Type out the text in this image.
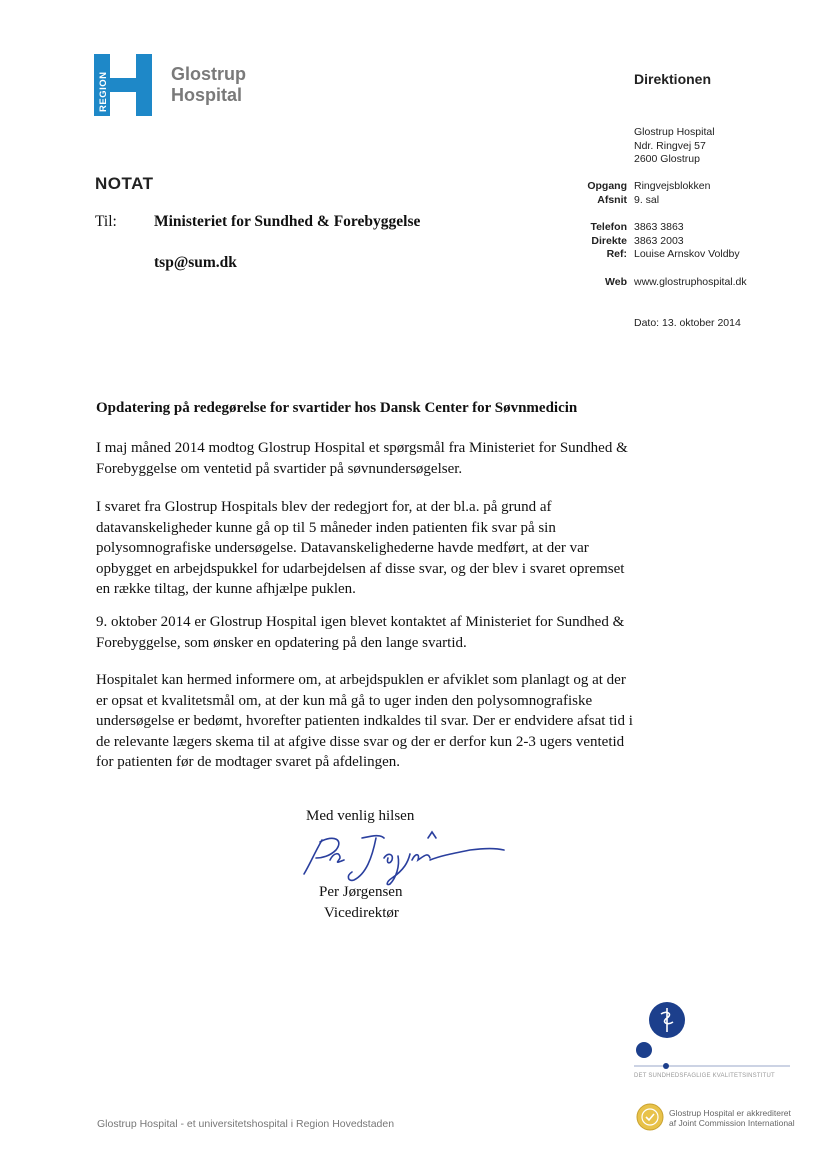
REGION	Glostrup
Hospital
Direktionen
Glostrup Hospital
Ndr. Ringvej 57
2600 Glostrup
Opgang Ringvejsblokken
Afsnit 9. sal
Telefon 3863 3863
Direkte 3863 2003
Ref: Louise Arnskov Voldby
Web www.glostruphospital.dk
Dato: 13. oktober 2014
NOTAT
Til: Ministeriet for Sundhed & Forebyggelse
tsp@sum.dk
Opdatering på redegørelse for svartider hos Dansk Center for Søvnmedicin

I maj måned 2014 modtog Glostrup Hospital et spørgsmål fra Ministeriet for Sundhed & Forebyggelse om ventetid på svartider på søvnundersøgelser.

I svaret fra Glostrup Hospitals blev der redegjort for, at der bl.a. på grund af datavanskeligheder kunne gå op til 5 måneder inden patienten fik svar på sin polysomnografiske undersøgelse. Datavanskelighederne havde medført, at der var opbygget en arbejdspukkel for udarbejdelsen af disse svar, og der blev i svaret opremset en række tiltag, der kunne afhjælpe puklen.

9. oktober 2014 er Glostrup Hospital igen blevet kontaktet af Ministeriet for Sundhed & Forebyggelse, som ønsker en opdatering på den lange svartid.

Hospitalet kan hermed informere om, at arbejdspuklen er afviklet som planlagt og at der er opsat et kvalitetsmål om, at der kun må gå to uger inden den polysomnografiske undersøgelse er bedømt, hvorefter patienten indkaldes til svar. Der er endvidere afsat tid i de relevante lægers skema til at afgive disse svar og der er derfor kun 2-3 ugers ventetid for patienten før de modtager svaret på afdelingen.

Med venlig hilsen
Per Jørgensen
Vicedirektør
DET SUNDHEDSFAGLIGE KVALITETSINSTITUT
Glostrup Hospital er akkrediteret
af Joint Commission International
Glostrup Hospital - et universitetshospital i Region Hovedstaden
